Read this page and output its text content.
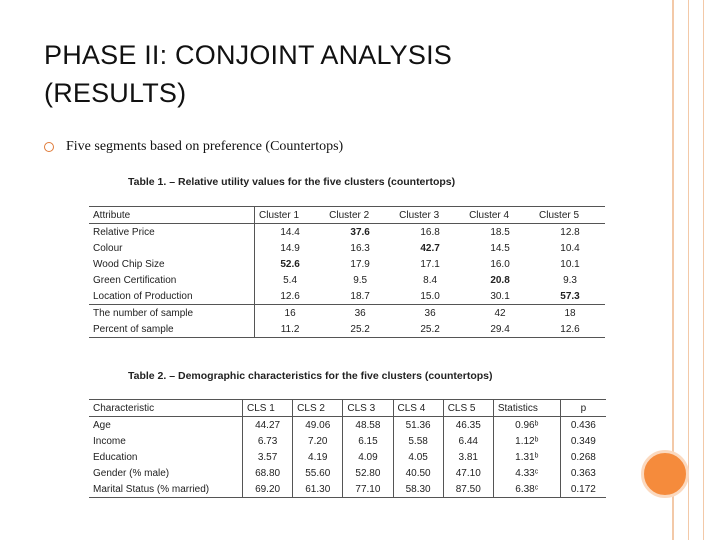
PHASE II: CONJOINT ANALYSIS
(RESULTS)
Five segments based on preference (Countertops)
Table 1. – Relative utility values for the five clusters (countertops)
Attribute	Cluster 1	Cluster 2	Cluster 3	Cluster 4	Cluster 5
Relative Price	14.4	37.6	16.8	18.5	12.8
Colour	14.9	16.3	42.7	14.5	10.4
Wood Chip Size	52.6	17.9	17.1	16.0	10.1
Green Certification	5.4	9.5	8.4	20.8	9.3
Location of Production	12.6	18.7	15.0	30.1	57.3
The number of sample	16	36	36	42	18
Percent of sample	11.2	25.2	25.2	29.4	12.6
Table 2. – Demographic characteristics for the five clusters (countertops)
Characteristic	CLS 1	CLS 2	CLS 3	CLS 4	CLS 5	Statistics	p
Age	44.27	49.06	48.58	51.36	46.35	0.96ᵇ	0.436
Income	6.73	7.20	6.15	5.58	6.44	1.12ᵇ	0.349
Education	3.57	4.19	4.09	4.05	3.81	1.31ᵇ	0.268
Gender (% male)	68.80	55.60	52.80	40.50	47.10	4.33ᶜ	0.363
Marital Status (% married)	69.20	61.30	77.10	58.30	87.50	6.38ᶜ	0.172
